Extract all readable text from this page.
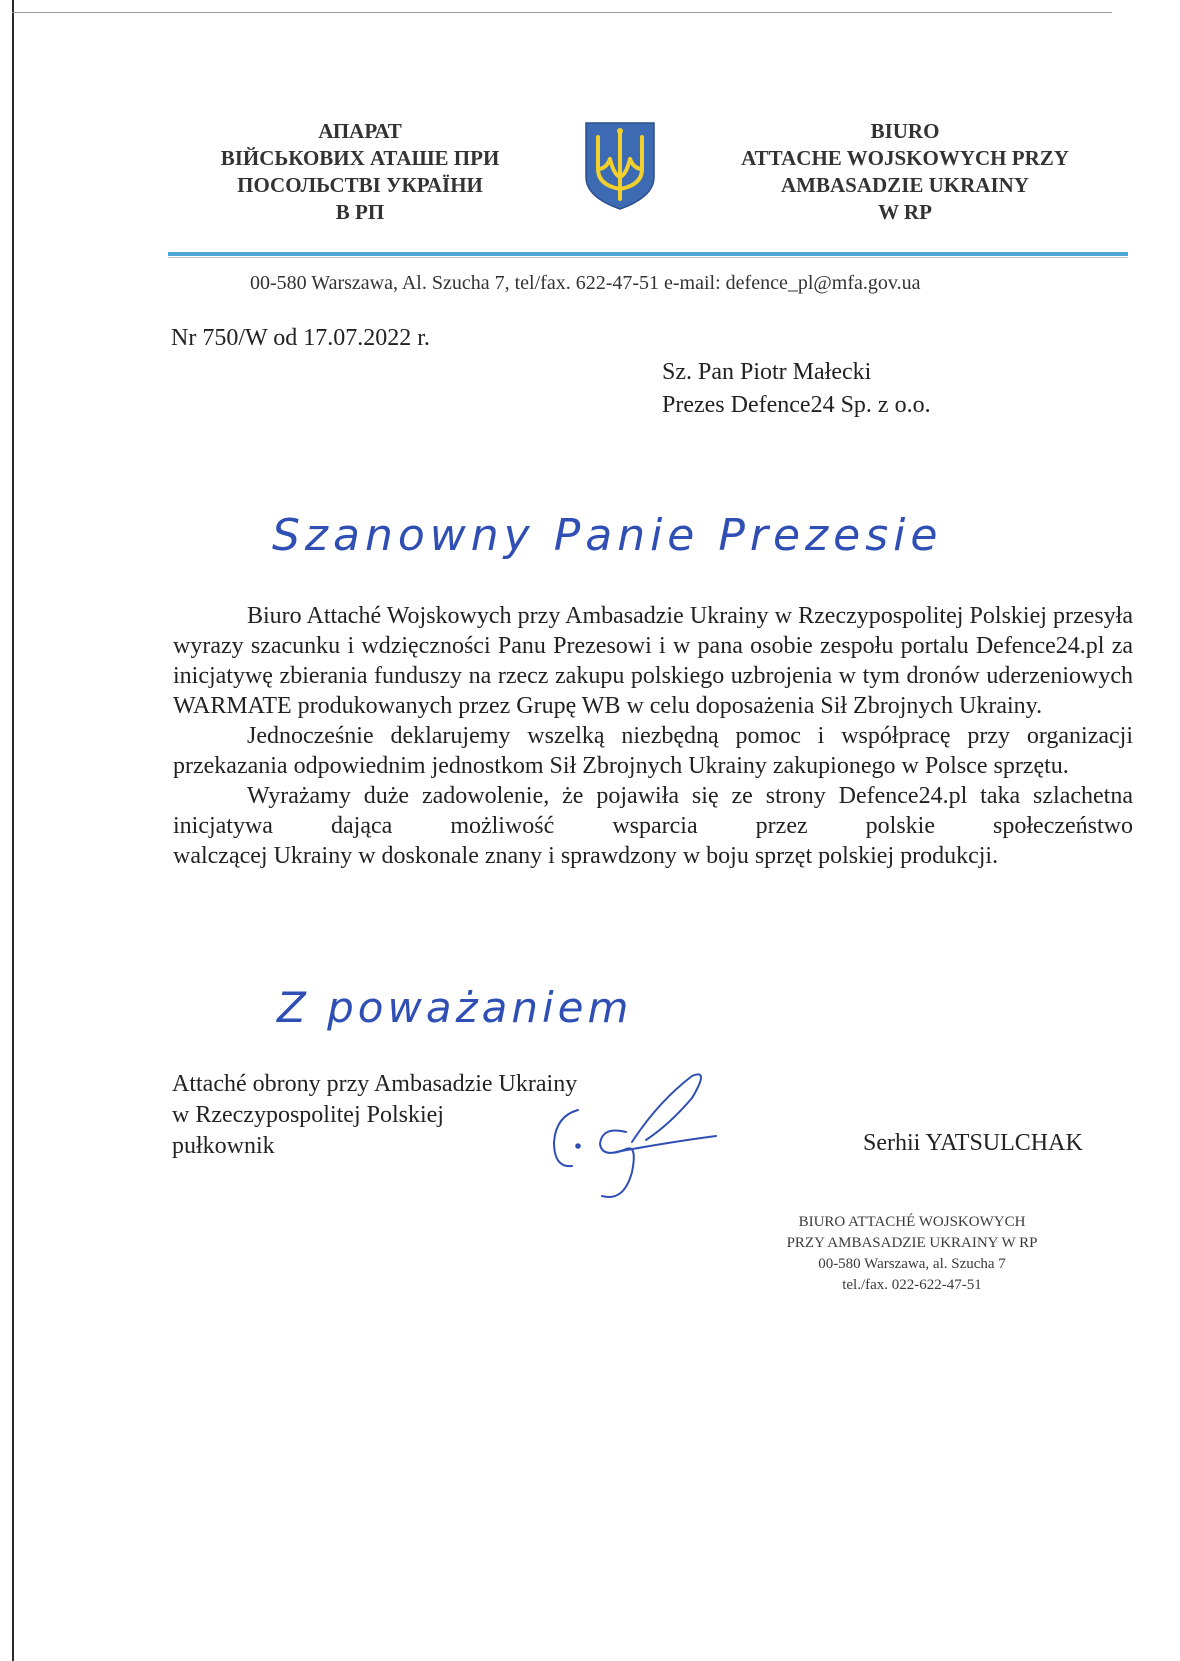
АПАРАТ
ВІЙСЬКОВИХ АТАШЕ ПРИ
ПОСОЛЬСТВІ УКРАЇНИ
В РП
BIURO
ATTACHE WOJSKOWYCH PRZY
AMBASADZIE UKRAINY
W RP
00-580 Warszawa, Al. Szucha 7, tel/fax. 622-47-51 e-mail: defence_pl@mfa.gov.ua
Nr 750/W od 17.07.2022 r.
Sz. Pan Piotr Małecki
Prezes Defence24 Sp. z o.o.
Szanowny Panie Prezesie

Biuro Attaché Wojskowych przy Ambasadzie Ukrainy w Rzeczypospolitej Polskiej przesyła wyrazy szacunku i wdzięczności Panu Prezesowi i w pana osobie zespołu portalu Defence24.pl za inicjatywę zbierania funduszy na rzecz zakupu polskiego uzbrojenia w tym dronów uderzeniowych WARMATE produkowanych przez Grupę WB w celu doposażenia Sił Zbrojnych Ukrainy.

Jednocześnie deklarujemy wszelką niezbędną pomoc i współpracę przy organizacji przekazania odpowiednim jednostkom Sił Zbrojnych Ukrainy zakupionego w Polsce sprzętu.

Wyrażamy duże zadowolenie, że pojawiła się ze strony Defence24.pl taka szlachetna inicjatywa dająca możliwość wsparcia przez polskie społeczeństwo

walczącej Ukrainy w doskonale znany i sprawdzony w boju sprzęt polskiej produkcji.

Z poważaniem
Attaché obrony przy Ambasadzie Ukrainy
w Rzeczypospolitej Polskiej
pułkownik	Serhii YATSULCHAK
BIURO ATTACHÉ WOJSKOWYCH
PRZY AMBASADZIE UKRAINY W RP
00-580 Warszawa, al. Szucha 7
tel./fax. 022-622-47-51
